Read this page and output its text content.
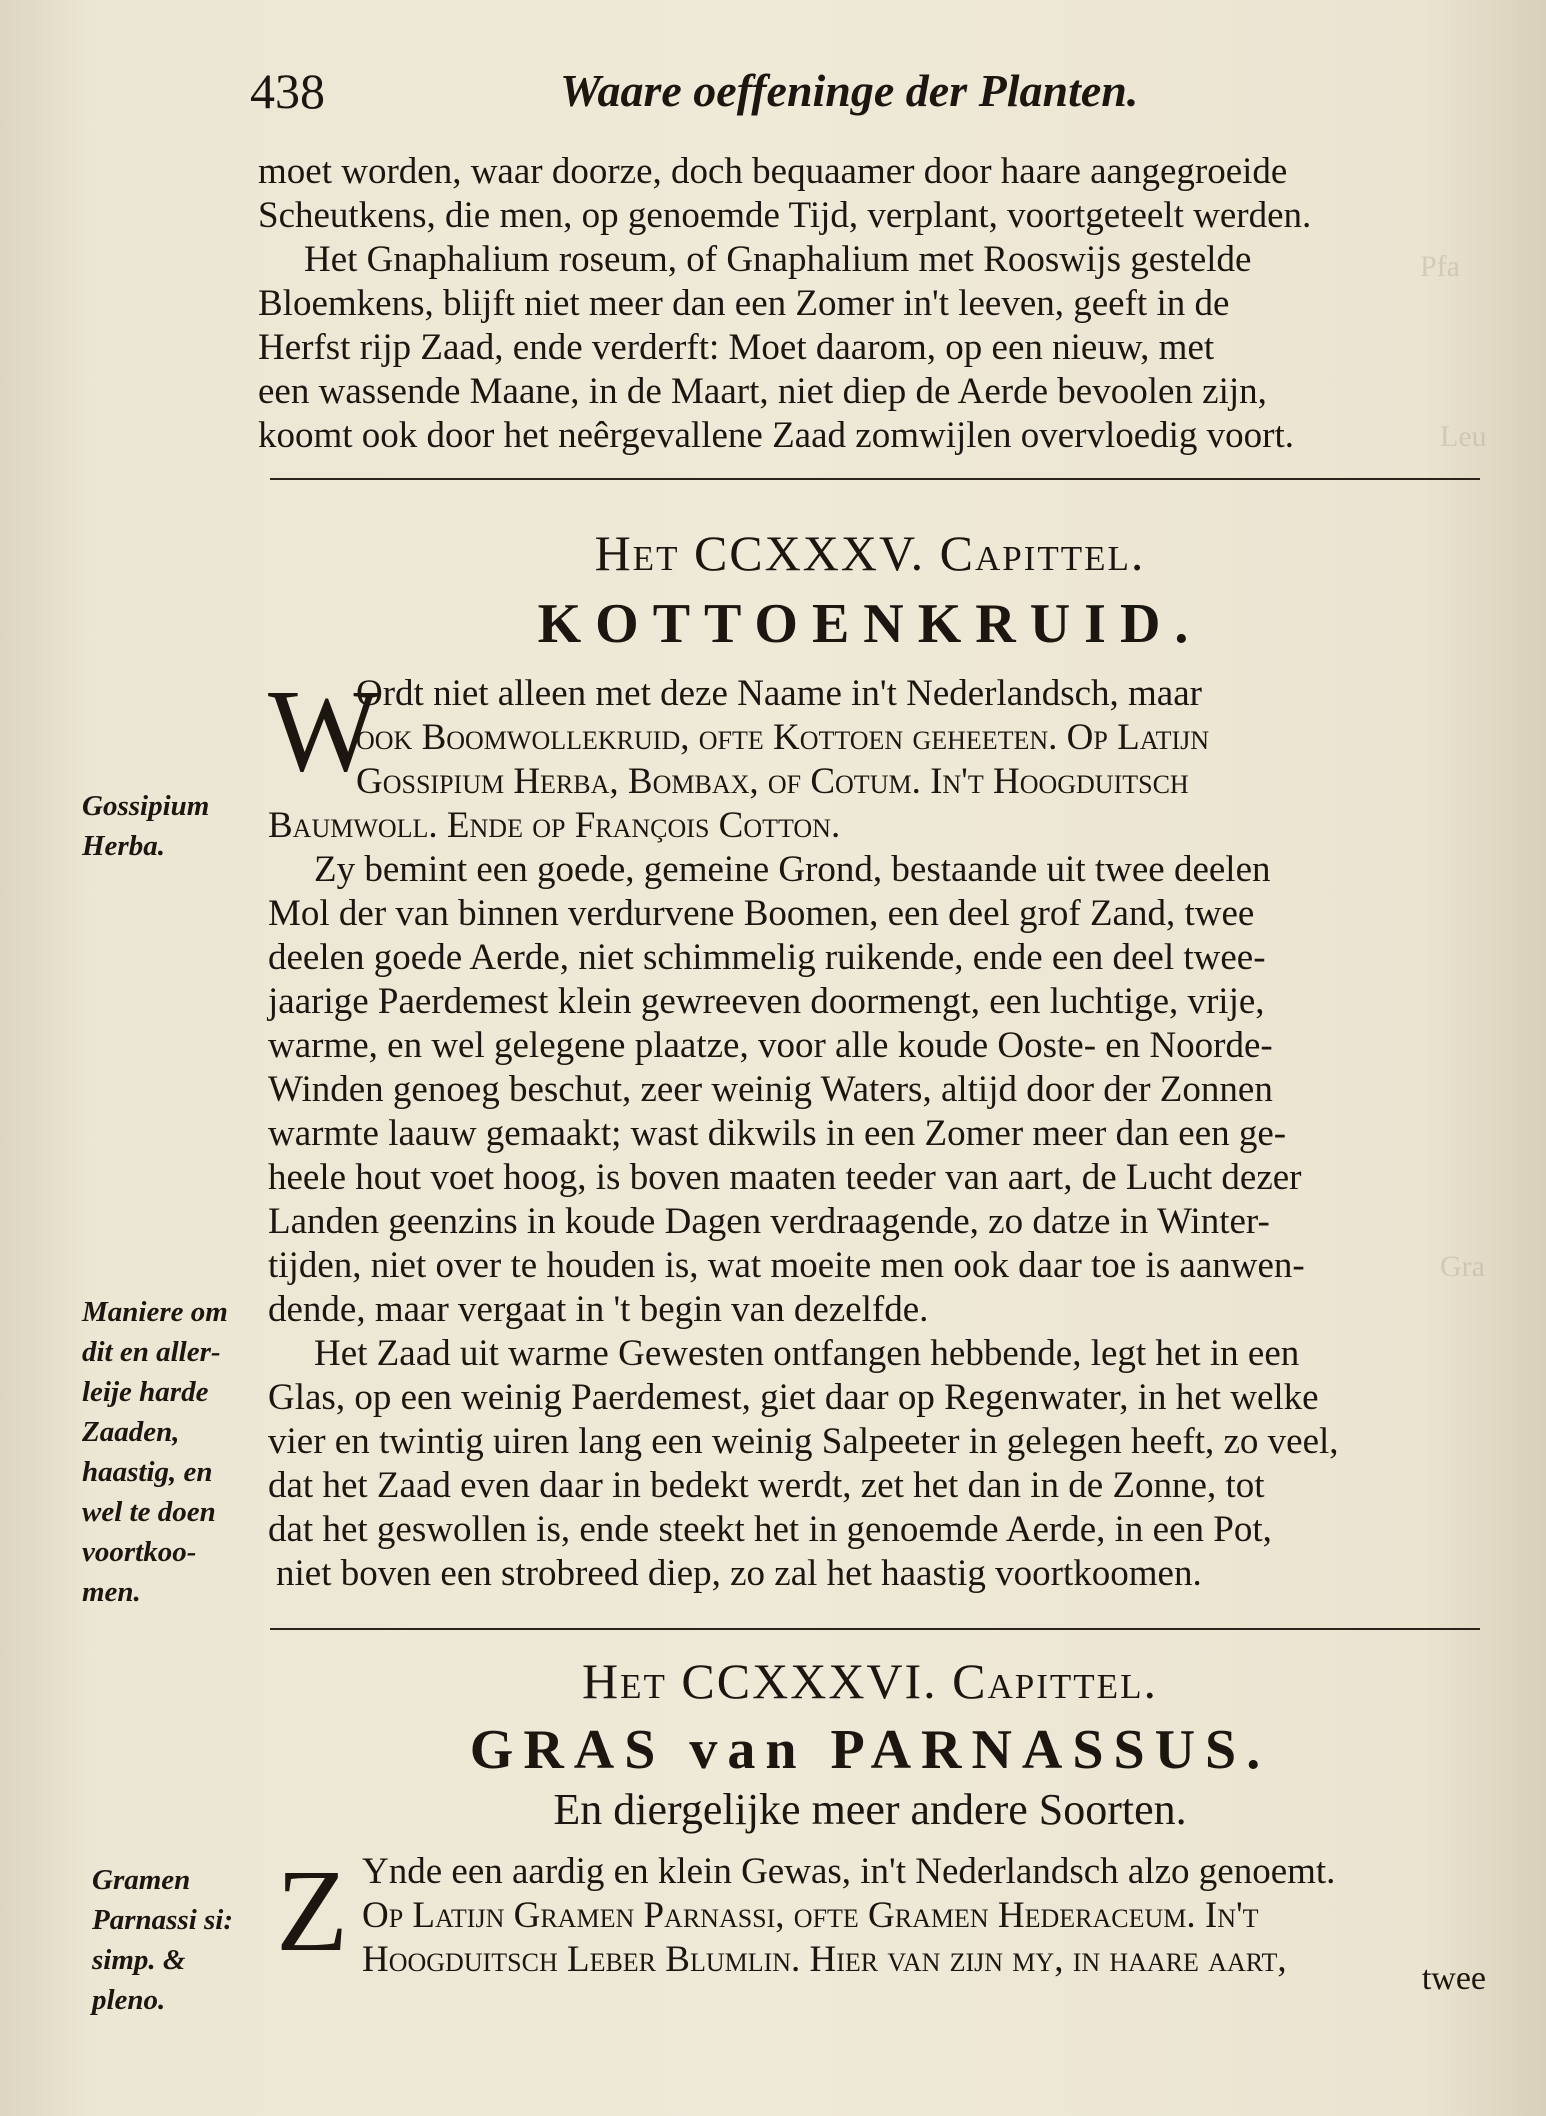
Pfa
Leu
Gra
438	Waare oeffeninge der Planten.
moet worden, waar doorze, doch bequaamer door haare aangegroeide
Scheutkens, die men, op genoemde Tijd, verplant, voortgeteelt werden.
Het Gnaphalium roseum, of Gnaphalium met Rooswijs gestelde
Bloemkens, blijft niet meer dan een Zomer in't leeven, geeft in de
Herfst rijp Zaad, ende verderft: Moet daarom, op een nieuw, met
een wassende Maane, in de Maart, niet diep de Aerde bevoolen zijn,
koomt ook door het neêrgevallene Zaad zomwijlen overvloedig voort.
Het CCXXXV. Capittel.
KOTTOENKRUID.
W
Ordt niet alleen met deze Naame in't Nederlandsch, maar
ook Boomwollekruid, ofte Kottoen geheeten. Op Latijn
Gossipium Herba, Bombax, of Cotum. In't Hoogduitsch
Baumwoll. Ende op François Cotton.
Zy bemint een goede, gemeine Grond, bestaande uit twee deelen
Mol der van binnen verdurvene Boomen, een deel grof Zand, twee
deelen goede Aerde, niet schimmelig ruikende, ende een deel twee-
jaarige Paerdemest klein gewreeven doormengt, een luchtige, vrije,
warme, en wel gelegene plaatze, voor alle koude Ooste- en Noorde-
Winden genoeg beschut, zeer weinig Waters, altijd door der Zonnen
warmte laauw gemaakt; wast dikwils in een Zomer meer dan een ge-
heele hout voet hoog, is boven maaten teeder van aart, de Lucht dezer
Landen geenzins in koude Dagen verdraagende, zo datze in Winter-
tijden, niet over te houden is, wat moeite men ook daar toe is aanwen-
dende, maar vergaat in 't begin van dezelfde.
Het Zaad uit warme Gewesten ontfangen hebbende, legt het in een
Glas, op een weinig Paerdemest, giet daar op Regenwater, in het welke
vier en twintig uiren lang een weinig Salpeeter in gelegen heeft, zo veel,
dat het Zaad even daar in bedekt werdt, zet het dan in de Zonne, tot
dat het geswollen is, ende steekt het in genoemde Aerde, in een Pot,
niet boven een strobreed diep, zo zal het haastig voortkoomen.
Gossipium
Herba.
Maniere om
dit en aller-
leije harde
Zaaden,
haastig, en
wel te doen
voortkoo-
men.
Het CCXXXVI. Capittel.
GRAS van PARNASSUS.
En diergelijke meer andere Soorten.
Z Ynde een aardig en klein Gewas, in't Nederlandsch alzo genoemt.
Op Latijn Gramen Parnassi, ofte Gramen Hederaceum. In't
Hoogduitsch Leber Blumlin. Hier van zijn my, in haare aart,	twee
Gramen
Parnassi si:
simp. &
pleno.
